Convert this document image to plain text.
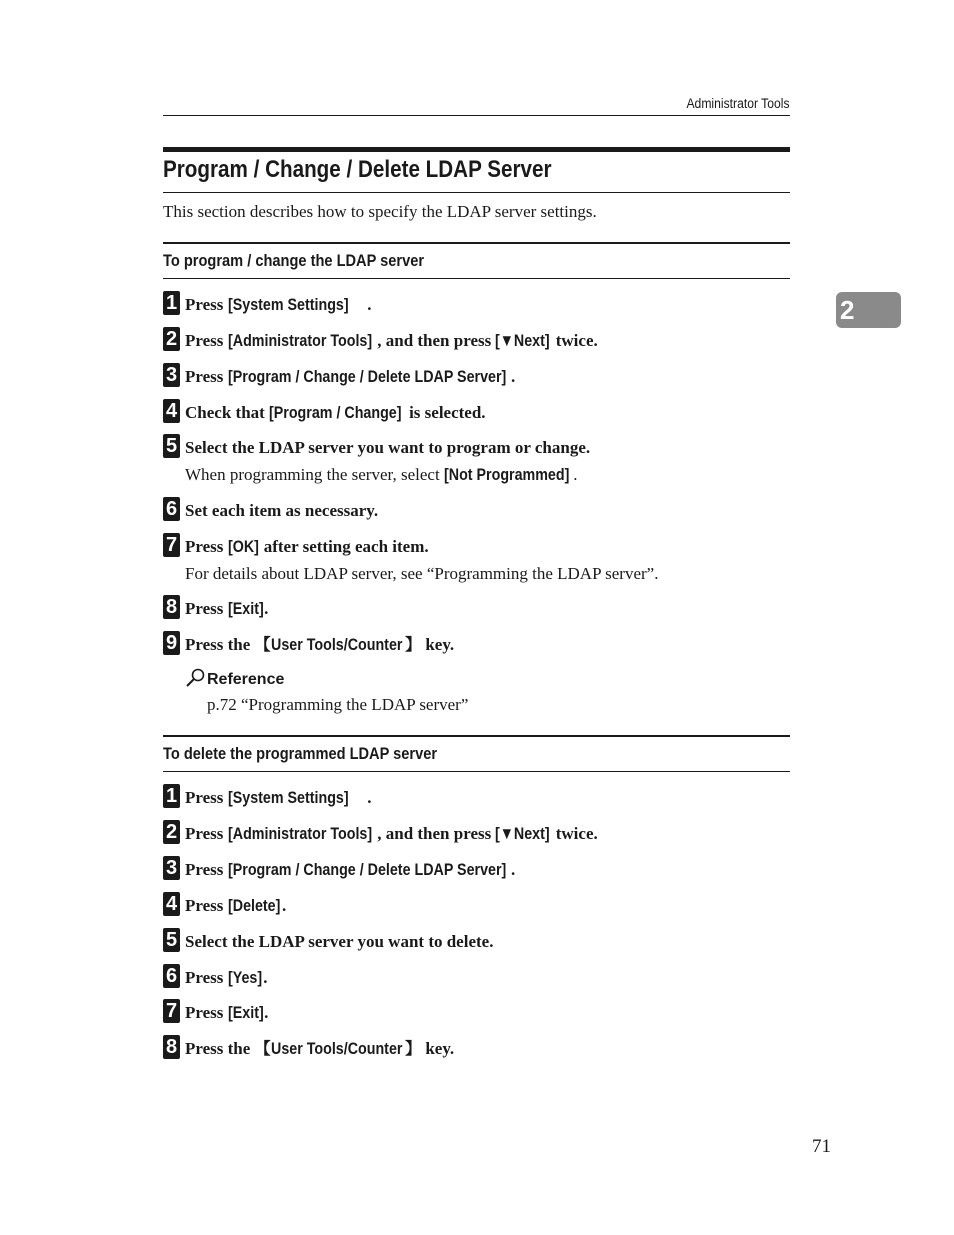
Administrator Tools
Program / Change / Delete LDAP Server

This section describes how to specify the LDAP server settings.

2
To program / change the LDAP server
1 Press [System Settings] .
2 Press [Administrator Tools] , and then press [▼Next] twice.
3 Press [Program / Change / Delete LDAP Server] .
4 Check that [Program / Change] is selected.
5 Select the LDAP server you want to program or change.
When programming the server, select [Not Programmed] .
6 Set each item as necessary.
7 Press [OK] after setting each item.
For details about LDAP server, see “Programming the LDAP server”.
8 Press [Exit].
9 Press the 【User Tools/Counter 】 key.
Reference
p.72 “Programming the LDAP server”
To delete the programmed LDAP server
1 Press [System Settings] .
2 Press [Administrator Tools] , and then press [▼Next] twice.
3 Press [Program / Change / Delete LDAP Server] .
4 Press [Delete] .
5 Select the LDAP server you want to delete.
6 Press [Yes].
7 Press [Exit].
8 Press the 【User Tools/Counter 】 key.
71
